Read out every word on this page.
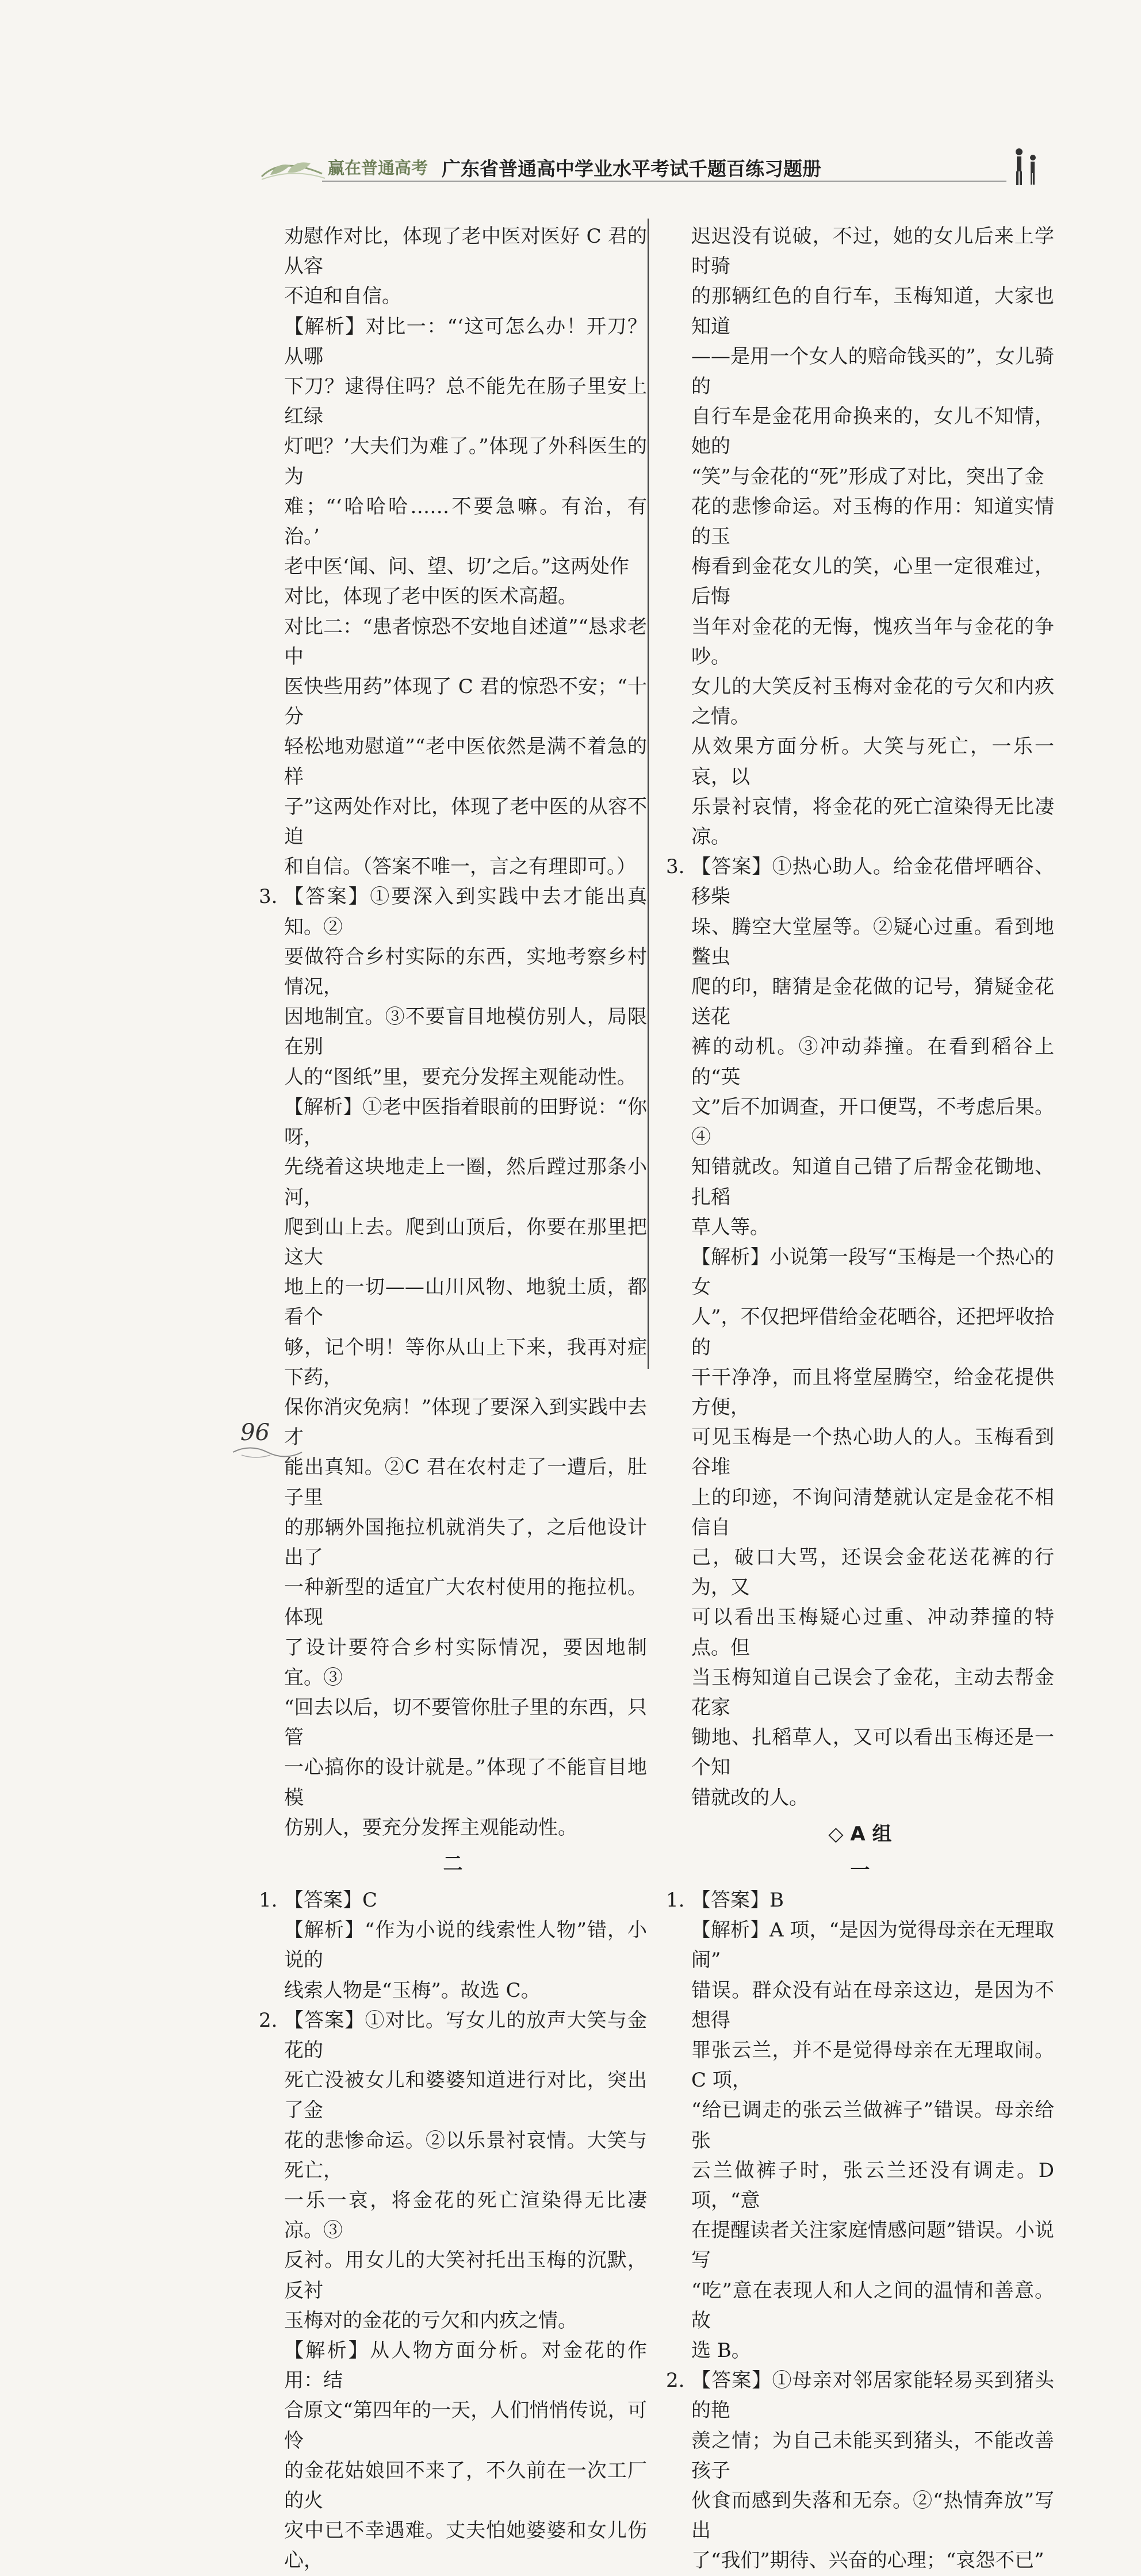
赢在普通高考 广东省普通高中学业水平考试千题百练习题册
劝慰作对比，体现了老中医对医好 C 君的从容
不迫和自信。
【解析】对比一：“‘这可怎么办！开刀？从哪
下刀？逮得住吗？总不能先在肠子里安上红绿
灯吧？’大夫们为难了。”体现了外科医生的为
难；“‘哈哈哈……不要急嘛。有治，有治。’
老中医‘闻、问、望、切’之后。”这两处作
对比，体现了老中医的医术高超。
对比二：“患者惊恐不安地自述道”“恳求老中
医快些用药”体现了 C 君的惊恐不安；“十分
轻松地劝慰道”“老中医依然是满不着急的样
子”这两处作对比，体现了老中医的从容不迫
和自信。（答案不唯一，言之有理即可。）
3. 【答案】①要深入到实践中去才能出真知。②
要做符合乡村实际的东西，实地考察乡村情况，
因地制宜。③不要盲目地模仿别人，局限在别
人的“图纸”里，要充分发挥主观能动性。
【解析】①老中医指着眼前的田野说：“你呀，
先绕着这块地走上一圈，然后蹚过那条小河，
爬到山上去。爬到山顶后，你要在那里把这大
地上的一切——山川风物、地貌土质，都看个
够，记个明！等你从山上下来，我再对症下药，
保你消灾免病！”体现了要深入到实践中去才
能出真知。②C 君在农村走了一遭后，肚子里
的那辆外国拖拉机就消失了，之后他设计出了
一种新型的适宜广大农村使用的拖拉机。体现
了设计要符合乡村实际情况，要因地制宜。③
“回去以后，切不要管你肚子里的东西，只管
一心搞你的设计就是。”体现了不能盲目地模
仿别人，要充分发挥主观能动性。
二
1. 【答案】C
【解析】“作为小说的线索性人物”错，小说的
线索人物是“玉梅”。故选 C。
2. 【答案】①对比。写女儿的放声大笑与金花的
死亡没被女儿和婆婆知道进行对比，突出了金
花的悲惨命运。②以乐景衬哀情。大笑与死亡，
一乐一哀，将金花的死亡渲染得无比凄凉。③
反衬。用女儿的大笑衬托出玉梅的沉默，反衬
玉梅对的金花的亏欠和内疚之情。
【解析】从人物方面分析。对金花的作用：结
合原文“第四年的一天，人们悄悄传说，可怜
的金花姑娘回不来了，不久前在一次工厂的火
灾中已不幸遇难。丈夫怕她婆婆和女儿伤心，
迟迟没有说破，不过，她的女儿后来上学时骑
的那辆红色的自行车，玉梅知道，大家也知道
——是用一个女人的赔命钱买的”，女儿骑的
自行车是金花用命换来的，女儿不知情，她的
“笑”与金花的“死”形成了对比，突出了金
花的悲惨命运。对玉梅的作用：知道实情的玉
梅看到金花女儿的笑，心里一定很难过，后悔
当年对金花的无悔，愧疚当年与金花的争吵。
女儿的大笑反衬玉梅对金花的亏欠和内疚之情。
从效果方面分析。大笑与死亡，一乐一哀，以
乐景衬哀情，将金花的死亡渲染得无比凄凉。
3. 【答案】①热心助人。给金花借坪晒谷、移柴
垛、腾空大堂屋等。②疑心过重。看到地鳖虫
爬的印，瞎猜是金花做的记号，猜疑金花送花
裤的动机。③冲动莽撞。在看到稻谷上的“英
文”后不加调查，开口便骂，不考虑后果。④
知错就改。知道自己错了后帮金花锄地、扎稻
草人等。
【解析】小说第一段写“玉梅是一个热心的女
人”，不仅把坪借给金花晒谷，还把坪收拾的
干干净净，而且将堂屋腾空，给金花提供方便，
可见玉梅是一个热心助人的人。玉梅看到谷堆
上的印迹，不询问清楚就认定是金花不相信自
己，破口大骂，还误会金花送花裤的行为，又
可以看出玉梅疑心过重、冲动莽撞的特点。但
当玉梅知道自己误会了金花，主动去帮金花家
锄地、扎稻草人，又可以看出玉梅还是一个知
错就改的人。
◇ A 组
一
1. 【答案】B
【解析】A 项，“是因为觉得母亲在无理取闹”
错误。群众没有站在母亲这边，是因为不想得
罪张云兰，并不是觉得母亲在无理取闹。C 项，
“给已调走的张云兰做裤子”错误。母亲给张
云兰做裤子时，张云兰还没有调走。D 项，“意
在提醒读者关注家庭情感问题”错误。小说写
“吃”意在表现人和人之间的温情和善意。故
选 B。
2. 【答案】①母亲对邻居家能轻易买到猪头的艳
羡之情；为自己未能买到猪头，不能改善孩子
伙食而感到失落和无奈。②“热情奔放”写出
了“我们”期待、兴奋的心理；“哀怨不已”
96
